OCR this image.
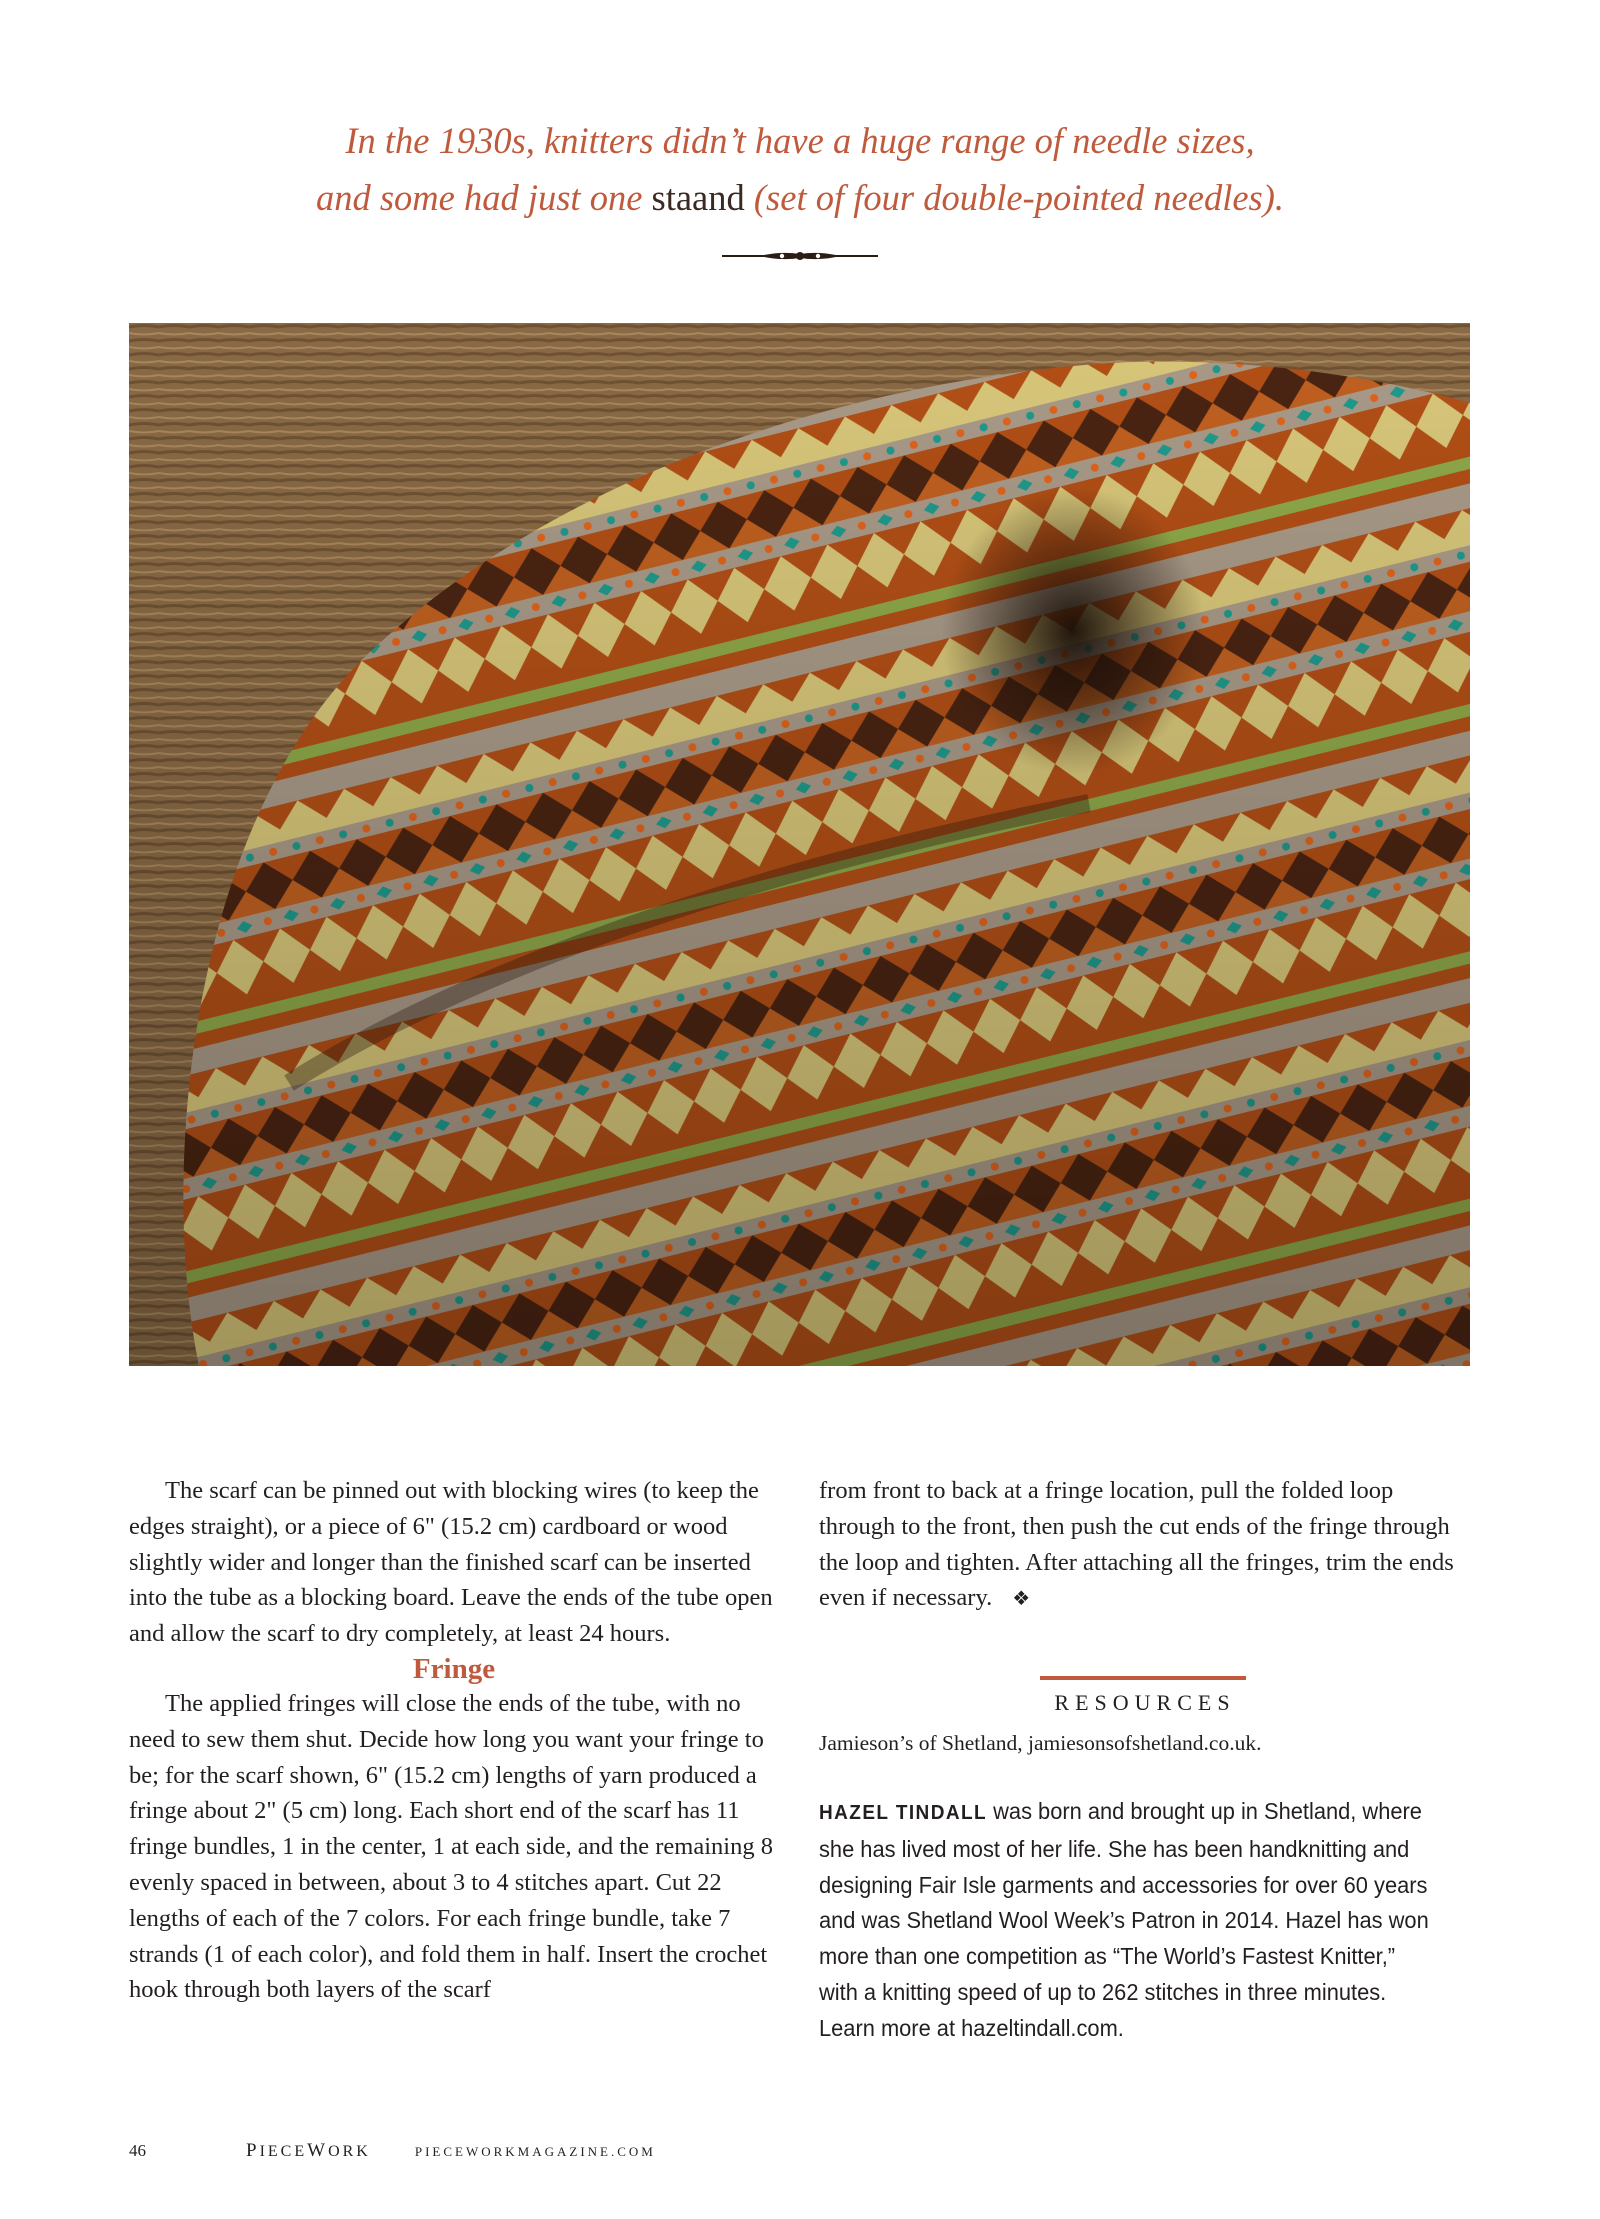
In the 1930s, knitters didn’t have a huge range of needle sizes,
and some had just one staand (set of four double-pointed needles).

The scarf can be pinned out with blocking wires (to keep the edges straight), or a piece of 6" (15.2 cm) cardboard or wood slightly wider and longer than the finished scarf can be inserted into the tube as a blocking board. Leave the ends of the tube open and allow the scarf to dry completely, at least 24 hours.

Fringe

The applied fringes will close the ends of the tube, with no need to sew them shut. Decide how long you want your fringe to be; for the scarf shown, 6" (15.2 cm) lengths of yarn produced a fringe about 2" (5 cm) long. Each short end of the scarf has 11 fringe bundles, 1 in the center, 1 at each side, and the remaining 8 evenly spaced in between, about 3 to 4 stitches apart. Cut 22 lengths of each of the 7 colors. For each fringe bundle, take 7 strands (1 of each color), and fold them in half. Insert the crochet hook through both layers of the scarf

from front to back at a fringe location, pull the folded loop through to the front, then push the cut ends of the fringe through the loop and tighten. After attaching all the fringes, trim the ends even if necessary. ❖

RESOURCES
Jamieson’s of Shetland, jamiesonsofshetland.co.uk.
HAZEL TINDALL was born and brought up in Shetland, where she has lived most of her life. She has been handknitting and designing Fair Isle garments and accessories for over 60 years and was Shetland Wool Week’s Patron in 2014. Hazel has won more than one competition as “The World’s Fastest Knitter,” with a knitting speed of up to 262 stitches in three minutes. Learn more at hazeltindall.com.
46	PIECEWORK	PIECEWORKMAGAZINE.COM
